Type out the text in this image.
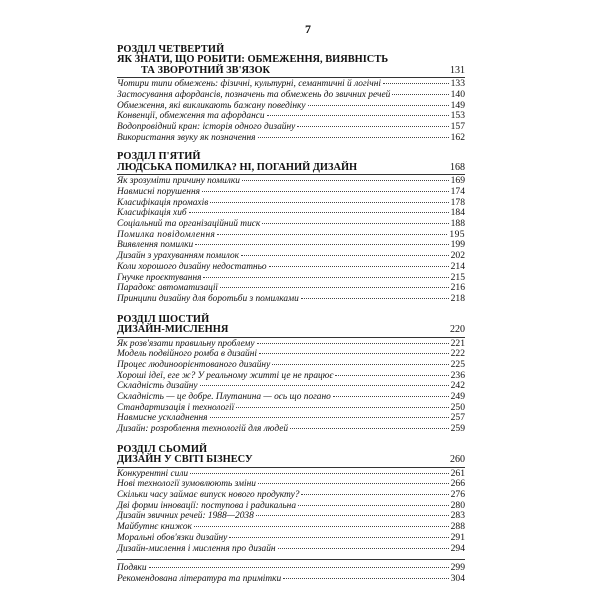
7
РОЗДІЛ ЧЕТВЕРТИЙ
ЯК ЗНАТИ, ЩО РОБИТИ: ОБМЕЖЕННЯ, ВИЯВНІСТЬ
ТА ЗВОРОТНИЙ ЗВ'ЯЗОК	131
Чотири типи обмежень: фізичні, культурні, семантичні й логічні	133
Застосування афордансів, позначень та обмежень до звичних речей	140
Обмеження, які викликають бажану поведінку	149
Конвенції, обмеження та афорданси	153
Водопровідний кран: історія одного дизайну	157
Використання звуку як позначення	162
РОЗДІЛ П'ЯТИЙ
ЛЮДСЬКА ПОМИЛКА? НІ, ПОГАНИЙ ДИЗАЙН	168
Як зрозуміти причину помилки	169
Навмисні порушення	174
Класифікація промахів	178
Класифікація хиб	184
Соціальний та організаційний тиск	188
Помилка повідомлення	195
Виявлення помилки	199
Дизайн з урахуванням помилок	202
Коли хорошого дизайну недостатньо	214
Гнучке проєктування	215
Парадокс автоматизації	216
Принципи дизайну для боротьби з помилками	218
РОЗДІЛ ШОСТИЙ
ДИЗАЙН-МИСЛЕННЯ	220
Як розв'язати правильну проблему	221
Модель подвійного ромба в дизайні	222
Процес людиноорієнтованого дизайну	225
Хороші ідеї, еге ж? У реальному житті це не працює	236
Складність дизайну	242
Складність — це добре. Плутанина — ось що погано	249
Стандартизація і технології	250
Навмисне ускладнення	257
Дизайн: розроблення технологій для людей	259
РОЗДІЛ СЬОМИЙ
ДИЗАЙН У СВІТІ БІЗНЕСУ	260
Конкурентні сили	261
Нові технології зумовлюють зміни	266
Скільки часу займає випуск нового продукту?	276
Дві форми інновації: поступова і радикальна	280
Дизайн звичних речей: 1988—2038	283
Майбутнє книжок	288
Моральні обов'язки дизайну	291
Дизайн-мислення і мислення про дизайн	294
Подяки	299
Рекомендована література та примітки	304
